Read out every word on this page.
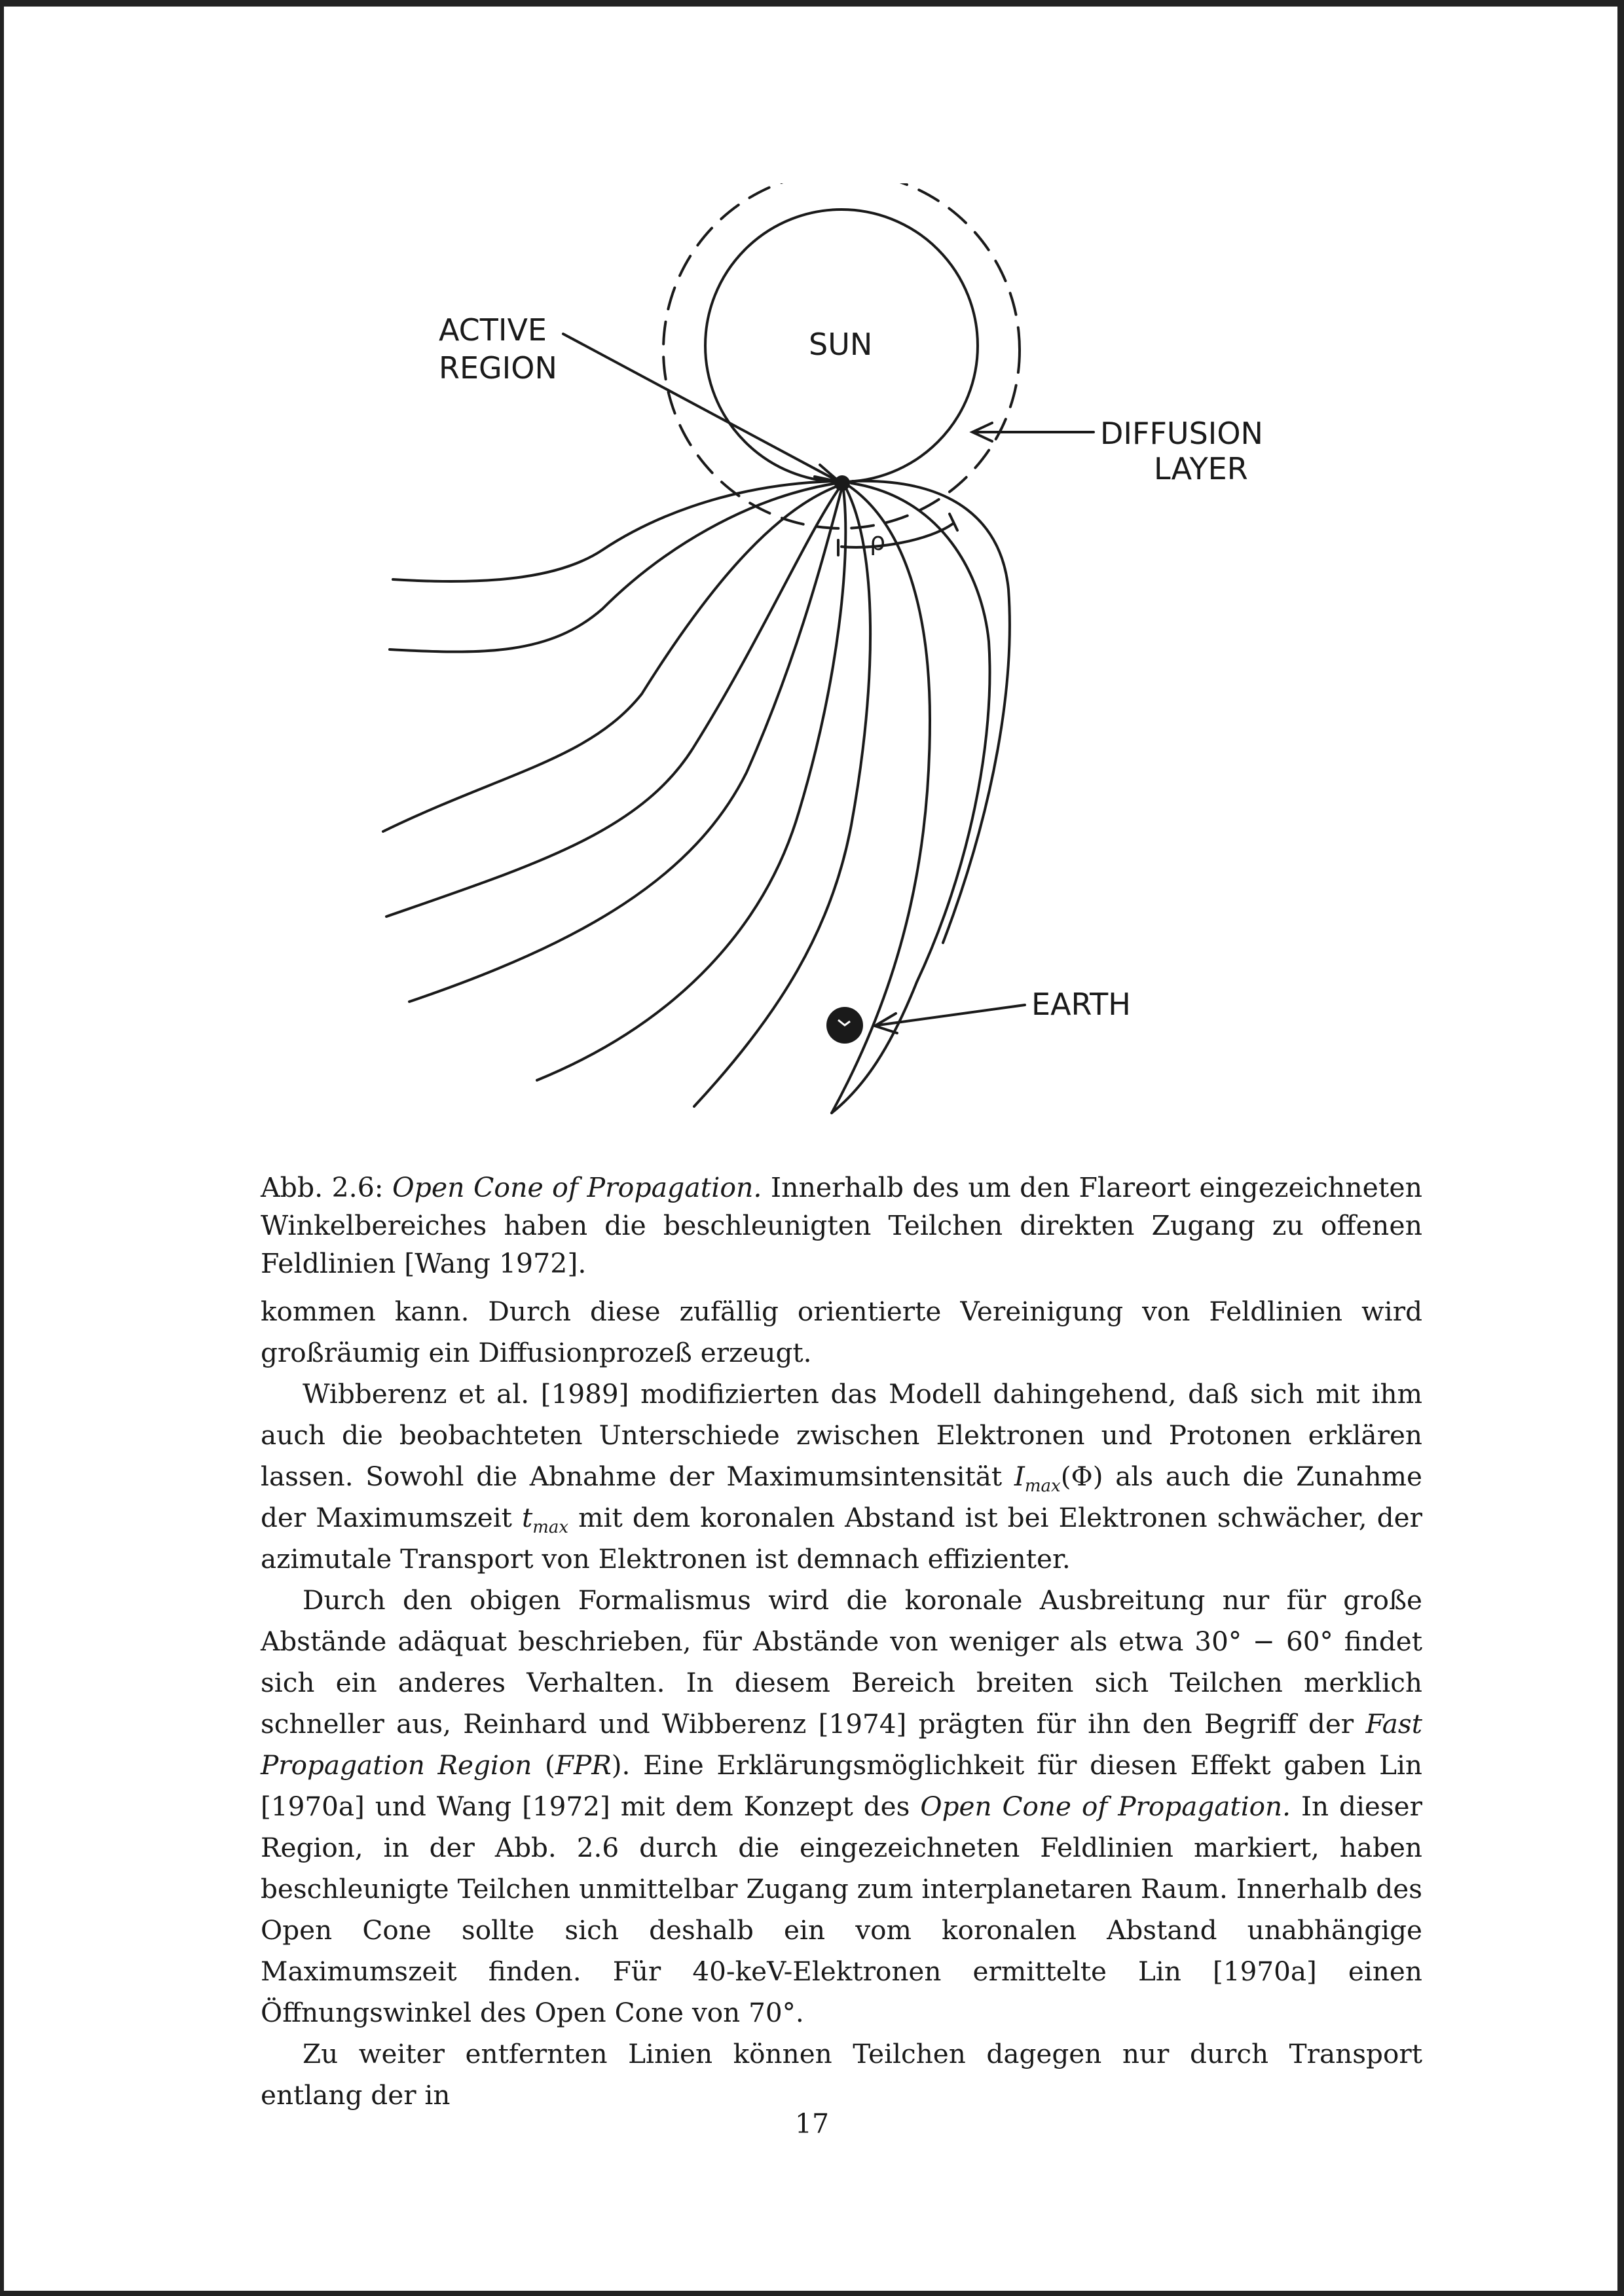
ACTIVE
REGION
SUN
DIFFUSION
LAYER
ρ
EARTH
Abb. 2.6: Open Cone of Propagation. Innerhalb des um den Flareort eingezeichneten Winkelbereiches haben die beschleunigten Teilchen direkten Zugang zu offenen Feldlinien [Wang 1972].

kommen kann. Durch diese zufällig orientierte Vereinigung von Feldlinien wird großräumig ein Diffusionprozeß erzeugt.

Wibberenz et al. [1989] modifizierten das Modell dahingehend, daß sich mit ihm auch die beobachteten Unterschiede zwischen Elektronen und Protonen erklären lassen. Sowohl die Abnahme der Maximumsintensität $I_{max}(\Phi)$ als auch die Zunahme der Maximumszeit $t_{max}$ mit dem koronalen Abstand ist bei Elektronen schwächer, der azimutale Transport von Elektronen ist demnach effizienter.

Durch den obigen Formalismus wird die koronale Ausbreitung nur für große Abstände adäquat beschrieben, für Abstände von weniger als etwa 30° − 60° findet sich ein anderes Verhalten. In diesem Bereich breiten sich Teilchen merklich schneller aus, Reinhard und Wibberenz [1974] prägten für ihn den Begriff der Fast Propagation Region (FPR). Eine Erklärungsmöglichkeit für diesen Effekt gaben Lin [1970a] und Wang [1972] mit dem Konzept des Open Cone of Propagation. In dieser Region, in der Abb. 2.6 durch die eingezeichneten Feldlinien markiert, haben beschleunigte Teilchen unmittelbar Zugang zum interplanetaren Raum. Innerhalb des Open Cone sollte sich deshalb ein vom koronalen Abstand unabhängige Maximumszeit finden. Für 40-keV-Elektronen ermittelte Lin [1970a] einen Öffnungswinkel des Open Cone von 70°.

Zu weiter entfernten Linien können Teilchen dagegen nur durch Transport entlang der in

17
